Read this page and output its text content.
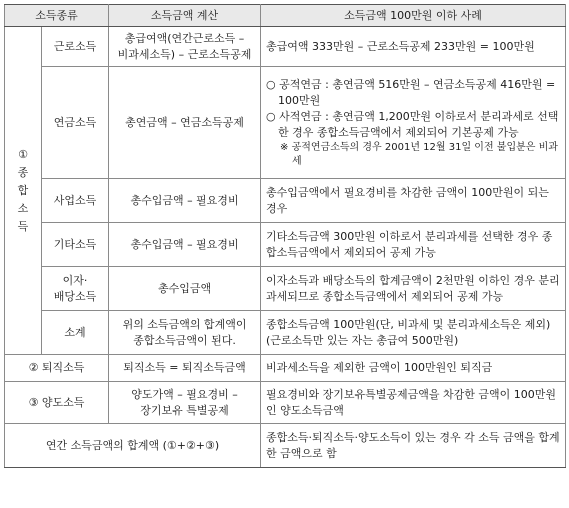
소득종류		소득금액 계산	소득금액 100만원 이하 사례

①
종
합
소
득	근로소득	총급여액(연간근로소득 –
비과세소득) – 근로소득공제	총급여액 333만원 – 근로소득공제 233만원 = 100만원
	연금소득	총연금액 – 연금소득공제	○ 공적연금 : 총연금액 516만원 – 연금소득공제 416만원 = 100만원
○ 사적연금 : 총연금액 1,200만원 이하로서 분리과세로 선택한 경우 종합소득금액에서 제외되어 기본공제 가능
※ 공적연금소득의 경우 2001년 12월 31일 이전 불입분은 비과세

	사업소득	총수입금액 – 필요경비	총수입금액에서 필요경비를 차감한 금액이 100만원이 되는 경우
	기타소득	총수입금액 – 필요경비	기타소득금액 300만원 이하로서 분리과세를 선택한 경우 종합소득금액에서 제외되어 공제 가능
	이자·
배당소득	총수입금액	이자소득과 배당소득의 합계금액이 2천만원 이하인 경우 분리과세되므로 종합소득금액에서 제외되어 공제 가능
	소계	위의 소득금액의 합계액이
종합소득금액이 된다.	종합소득금액 100만원(단, 비과세 및 분리과세소득은 제외)
(근로소득만 있는 자는 총급여 500만원)
② 퇴직소득		퇴직소득 = 퇴직소득금액	비과세소득을 제외한 금액이 100만원인 퇴직금
③ 양도소득		양도가액 – 필요경비 –
장기보유 특별공제	필요경비와 장기보유특별공제금액을 차감한 금액이 100만원인 양도소득금액
연간 소득금액의 합계액 (①+②+③)			종합소득·퇴직소득·양도소득이 있는 경우 각 소득 금액을 합계한 금액으로 함
